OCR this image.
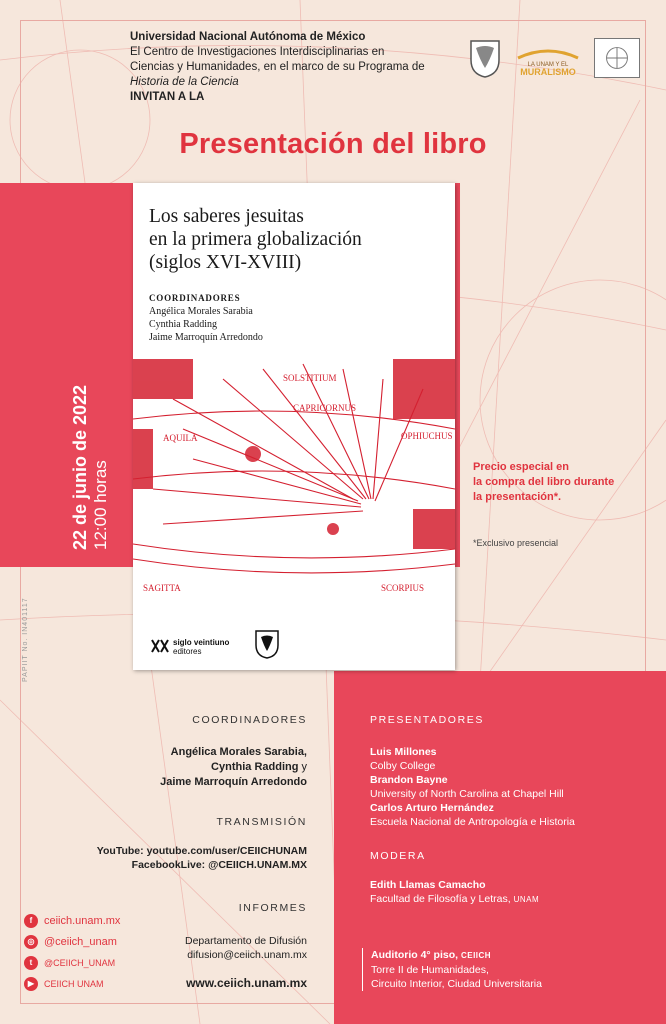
Universidad Nacional Autónoma de México
El Centro de Investigaciones Interdisciplinarias en
Ciencias y Humanidades, en el marco de su Programa de
Historia de la Ciencia
INVITAN A LA
LA UNAM Y EL
MURALISMO
Presentación del libro
Los saberes jesuitas
en la primera globalización
(siglos XVI-XVIII)
COORDINADORES
Angélica Morales Sarabia
Cynthia Radding
Jaime Marroquín Arredondo
SOLSTITIUM
CAPRICORNUS
AQUILA
SAGITTA	SCORPIUS
OPHIUCHUS
siglo veintiuno
editores
22 de junio de 2022 12:00 horas
PAPIIT No. IN401117
Precio especial en
la compra del libro durante
la presentación*.
*Exclusivo presencial
COORDINADORES
Angélica Morales Sarabia,
Cynthia Radding y
Jaime Marroquín Arredondo
TRANSMISIÓN
YouTube: youtube.com/user/CEIICHUNAM
FacebookLive: @CEIICH.UNAM.MX
INFORMES
Departamento de Difusión
difusion@ceiich.unam.mx
www.ceiich.unam.mx
f	ceiich.unam.mx
◎ @ceiich_unam
t	@CEIICH_UNAM
▶	CEIICH UNAM
PRESENTADORES
Luis Millones
Colby College
Brandon Bayne
University of North Carolina at Chapel Hill
Carlos Arturo Hernández
Escuela Nacional de Antropología e Historia
MODERA
Edith Llamas Camacho
Facultad de Filosofía y Letras, UNAM
Auditorio 4° piso, CEIICH
Torre II de Humanidades,
Circuito Interior, Ciudad Universitaria
